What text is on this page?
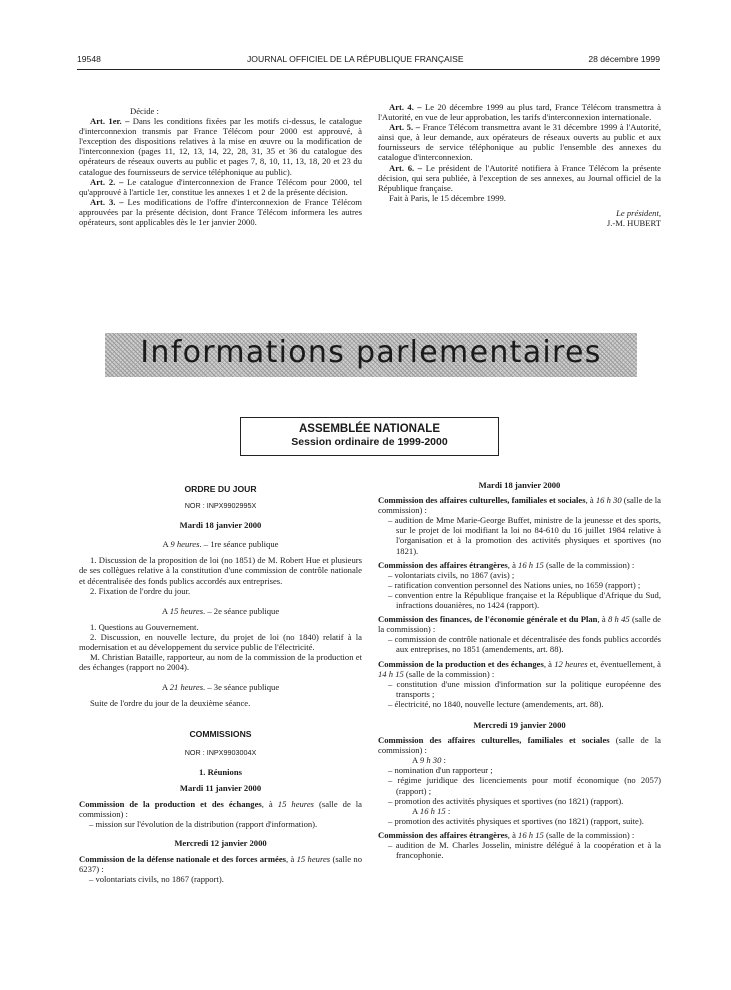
19548	JOURNAL OFFICIEL DE LA RÉPUBLIQUE FRANÇAISE	28 décembre 1999

Décide :

Art. 1er. – Dans les conditions fixées par les motifs ci-dessus, le catalogue d'interconnexion transmis par France Télécom pour 2000 est approuvé, à l'exception des dispositions relatives à la mise en œuvre ou la modification de l'interconnexion (pages 11, 12, 13, 14, 22, 28, 31, 35 et 36 du catalogue des opérateurs de réseaux ouverts au public et pages 7, 8, 10, 11, 13, 18, 20 et 23 du catalogue des fournisseurs de service téléphonique au public).

Art. 2. – Le catalogue d'interconnexion de France Télécom pour 2000, tel qu'approuvé à l'article 1er, constitue les annexes 1 et 2 de la présente décision.

Art. 3. – Les modifications de l'offre d'interconnexion de France Télécom approuvées par la présente décision, dont France Télécom informera les autres opérateurs, sont applicables dès le 1er janvier 2000.

Art. 4. – Le 20 décembre 1999 au plus tard, France Télécom transmettra à l'Autorité, en vue de leur approbation, les tarifs d'interconnexion internationale.

Art. 5. – France Télécom transmettra avant le 31 décembre 1999 à l'Autorité, ainsi que, à leur demande, aux opérateurs de réseaux ouverts au public et aux fournisseurs de service téléphonique au public l'ensemble des annexes du catalogue d'interconnexion.

Art. 6. – Le président de l'Autorité notifiera à France Télécom la présente décision, qui sera publiée, à l'exception de ses annexes, au Journal officiel de la République française.

Fait à Paris, le 15 décembre 1999.

Le président,

J.-M. HUBERT

Informations parlementaires
ASSEMBLÉE NATIONALE
Session ordinaire de 1999-2000

ORDRE DU JOUR

NOR : INPX9902995X

Mardi 18 janvier 2000

A 9 heures. – 1re séance publique

1. Discussion de la proposition de loi (no 1851) de M. Robert Hue et plusieurs de ses collègues relative à la constitution d'une commission de contrôle nationale et décentralisée des fonds publics accordés aux entreprises.

2. Fixation de l'ordre du jour.

A 15 heures. – 2e séance publique

1. Questions au Gouvernement.

2. Discussion, en nouvelle lecture, du projet de loi (no 1840) relatif à la modernisation et au développement du service public de l'électricité.

M. Christian Bataille, rapporteur, au nom de la commission de la production et des échanges (rapport no 2004).

A 21 heures. – 3e séance publique

Suite de l'ordre du jour de la deuxième séance.

COMMISSIONS

NOR : INPX9903004X

1. Réunions

Mardi 11 janvier 2000

Commission de la production et des échanges, à 15 heures (salle de la commission) :

– mission sur l'évolution de la distribution (rapport d'information).

Mercredi 12 janvier 2000

Commission de la défense nationale et des forces armées, à 15 heures (salle no 6237) :

– volontariats civils, no 1867 (rapport).

Mardi 18 janvier 2000

Commission des affaires culturelles, familiales et sociales, à 16 h 30 (salle de la commission) :

– audition de Mme Marie-George Buffet, ministre de la jeunesse et des sports, sur le projet de loi modifiant la loi no 84-610 du 16 juillet 1984 relative à l'organisation et à la promotion des activités physiques et sportives (no 1821).

Commission des affaires étrangères, à 16 h 15 (salle de la commission) :

– volontariats civils, no 1867 (avis) ;

– ratification convention personnel des Nations unies, no 1659 (rapport) ;

– convention entre la République française et la République d'Afrique du Sud, infractions douanières, no 1424 (rapport).

Commission des finances, de l'économie générale et du Plan, à 8 h 45 (salle de la commission) :

– commission de contrôle nationale et décentralisée des fonds publics accordés aux entreprises, no 1851 (amendements, art. 88).

Commission de la production et des échanges, à 12 heures et, éventuellement, à 14 h 15 (salle de la commission) :

– constitution d'une mission d'information sur la politique européenne des transports ;

– électricité, no 1840, nouvelle lecture (amendements, art. 88).

Mercredi 19 janvier 2000

Commission des affaires culturelles, familiales et sociales (salle de la commission) :

A 9 h 30 :

– nomination d'un rapporteur ;

– régime juridique des licenciements pour motif économique (no 2057) (rapport) ;

– promotion des activités physiques et sportives (no 1821) (rapport).

A 16 h 15 :

– promotion des activités physiques et sportives (no 1821) (rapport, suite).

Commission des affaires étrangères, à 16 h 15 (salle de la commission) :

– audition de M. Charles Josselin, ministre délégué à la coopération et à la francophonie.
